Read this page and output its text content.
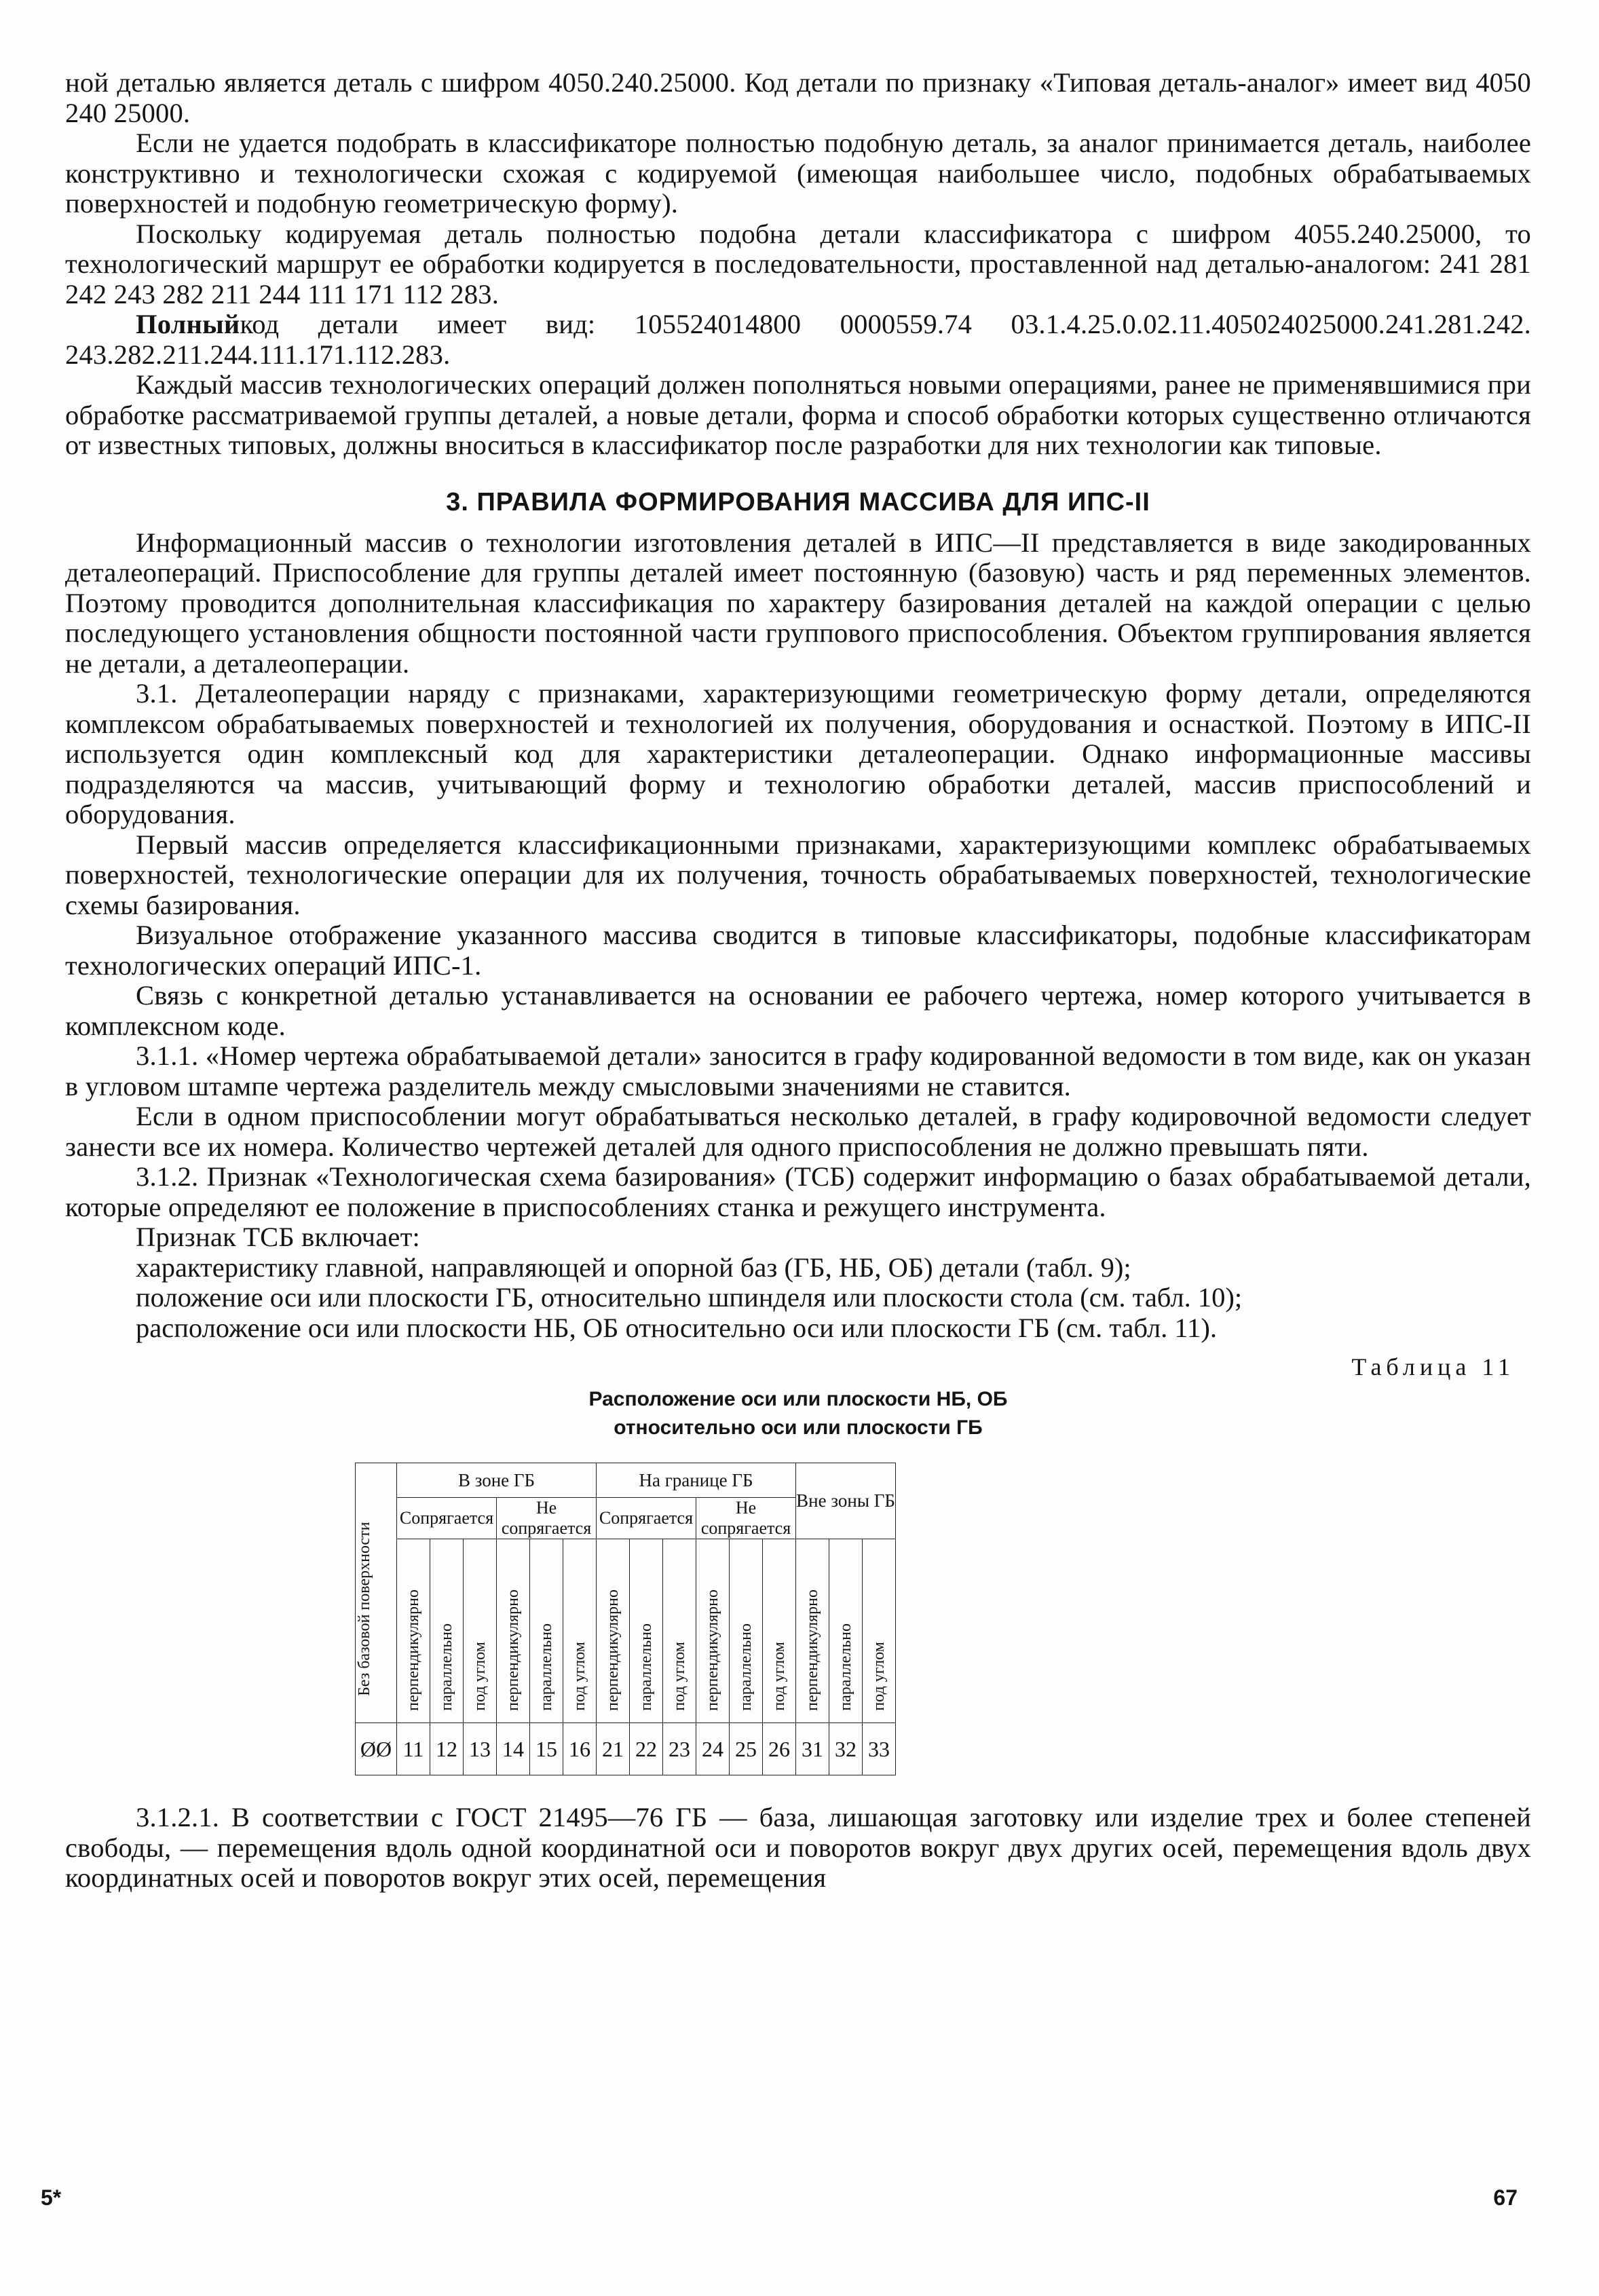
ной деталью является деталь с шифром 4050.240.25000. Код детали по признаку «Типовая деталь-аналог» имеет вид 4050 240 25000.

Если не удается подобрать в классификаторе полностью подобную деталь, за аналог принимается деталь, наиболее конструктивно и технологически схожая с кодируемой (имеющая наибольшее число, подобных обрабатываемых поверхностей и подобную геометрическую форму).

Поскольку кодируемая деталь полностью подобна детали классификатора с шифром 4055.240.25000, то технологический маршрут ее обработки кодируется в последовательности, проставленной над деталью-аналогом: 241 281 242 243 282 211 244 111 171 112 283.

Полныйкод детали имеет вид: 105524014800 0000559.74 03.1.4.25.0.02.11.405024025000.241.281.242. 243.282.211.244.111.171.112.283.

Каждый массив технологических операций должен пополняться новыми операциями, ранее не применявшимися при обработке рассматриваемой группы деталей, а новые детали, форма и способ обработки которых существенно отличаются от известных типовых, должны вноситься в классификатор после разработки для них технологии как типовые.

3. ПРАВИЛА ФОРМИРОВАНИЯ МАССИВА ДЛЯ ИПС-II

Информационный массив о технологии изготовления деталей в ИПС—II представляется в виде закодированных деталеопераций. Приспособление для группы деталей имеет постоянную (базовую) часть и ряд переменных элементов. Поэтому проводится дополнительная классификация по характеру базирования деталей на каждой операции с целью последующего установления общности постоянной части группового приспособления. Объектом группирования является не детали, а деталеоперации.

3.1. Деталеоперации наряду с признаками, характеризующими геометрическую форму детали, определяются комплексом обрабатываемых поверхностей и технологией их получения, оборудования и оснасткой. Поэтому в ИПС-II используется один комплексный код для характеристики деталеоперации. Однако информационные массивы подразделяются ча массив, учитывающий форму и технологию обработки деталей, массив приспособлений и оборудования.

Первый массив определяется классификационными признаками, характеризующими комплекс обрабатываемых поверхностей, технологические операции для их получения, точность обрабатываемых поверхностей, технологические схемы базирования.

Визуальное отображение указанного массива сводится в типовые классификаторы, подобные классификаторам технологических операций ИПС-1.

Связь с конкретной деталью устанавливается на основании ее рабочего чертежа, номер которого учитывается в комплексном коде.

3.1.1. «Номер чертежа обрабатываемой детали» заносится в графу кодированной ведомости в том виде, как он указан в угловом штампе чертежа разделитель между смысловыми значениями не ставится.

Если в одном приспособлении могут обрабатываться несколько деталей, в графу кодировочной ведомости следует занести все их номера. Количество чертежей деталей для одного приспособления не должно превышать пяти.

3.1.2. Признак «Технологическая схема базирования» (ТСБ) содержит информацию о базах обрабатываемой детали, которые определяют ее положение в приспособлениях станка и режущего инструмента.

Признак ТСБ включает:

характеристику главной, направляющей и опорной баз (ГБ, НБ, ОБ) детали (табл. 9);
положение оси или плоскости ГБ, относительно шпинделя или плоскости стола (см. табл. 10);
расположение оси или плоскости НБ, ОБ относительно оси или плоскости ГБ (см. табл. 11).
Таблица 11
Расположение оси или плоскости НБ, ОБ
относительно оси или плоскости ГБ
Без базовой поверхности	В зоне ГБ						На границе ГБ						Вне зоны ГБ		
	Сопрягается			Не сопрягается			Сопрягается			Не сопрягается					
	перпендикулярно	параллельно	под углом	перпендикулярно	параллельно	под углом	перпендикулярно	параллельно	под углом	перпендикулярно	параллельно	под углом	перпендикулярно	параллельно	под углом
ØØ	11	12	13	14	15	16	21	22	23	24	25	26	31	32	33

3.1.2.1. В соответствии с ГОСТ 21495—76 ГБ — база, лишающая заготовку или изделие трех и более степеней свободы, — перемещения вдоль одной координатной оси и поворотов вокруг двух других осей, перемещения вдоль двух координатных осей и поворотов вокруг этих осей, перемещения

5*	67
